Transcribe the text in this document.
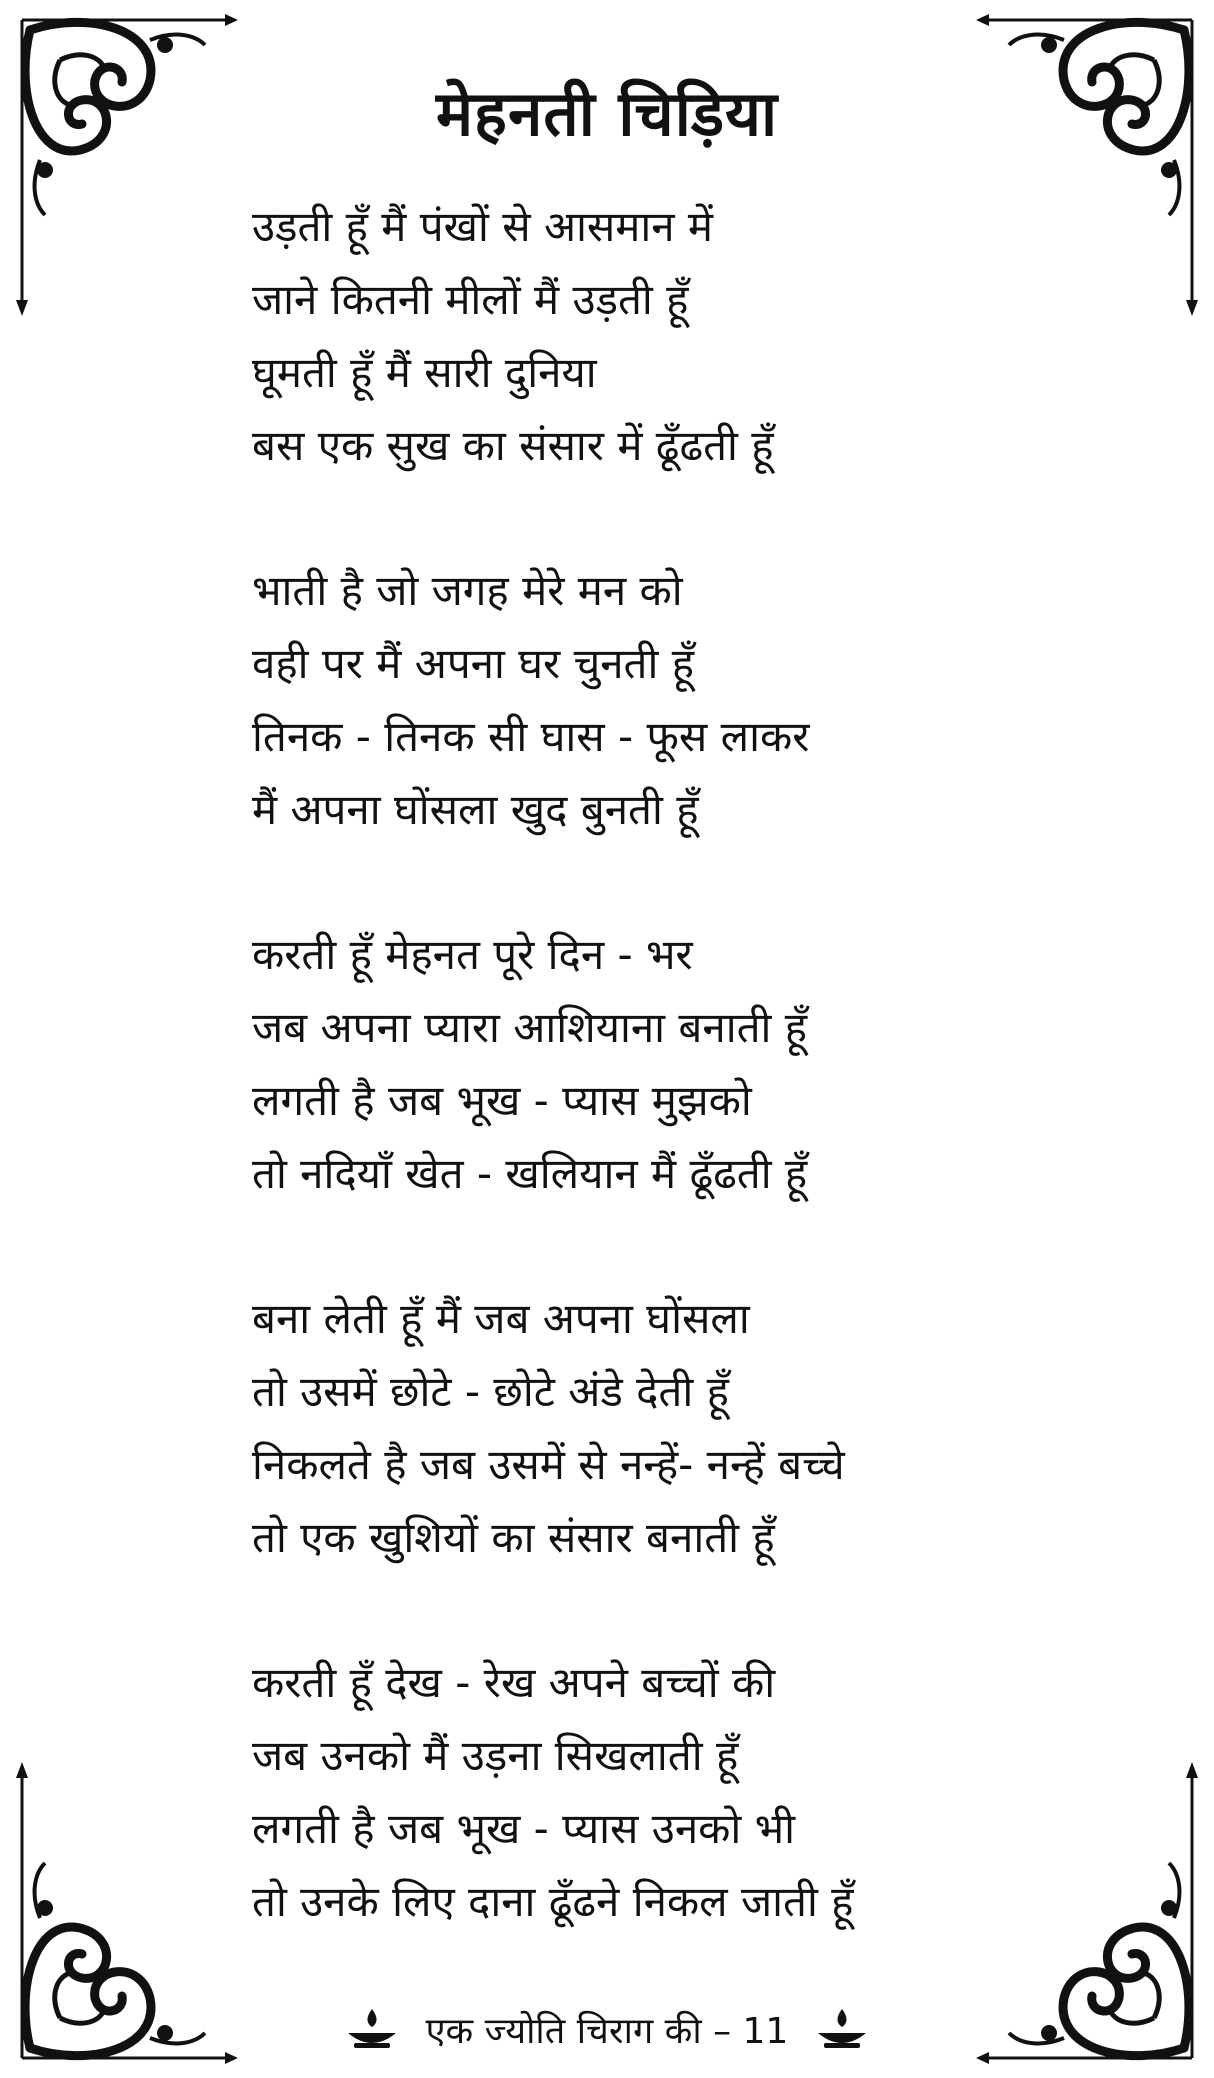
मेहनती चिड़िया
उड़ती हूँ मैं पंखों से आसमान में
जाने कितनी मीलों मैं उड़ती हूँ
घूमती हूँ मैं सारी दुनिया
बस एक सुख का संसार में ढूँढती हूँ
भाती है जो जगह मेरे मन को
वही पर मैं अपना घर चुनती हूँ
तिनक - तिनक सी घास - फूस लाकर
मैं अपना घोंसला खुद बुनती हूँ
करती हूँ मेहनत पूरे दिन - भर
जब अपना प्यारा आशियाना बनाती हूँ
लगती है जब भूख - प्यास मुझको
तो नदियाँ खेत - खलियान मैं ढूँढती हूँ
बना लेती हूँ मैं जब अपना घोंसला
तो उसमें छोटे - छोटे अंडे देती हूँ
निकलते है जब उसमें से नन्हें- नन्हें बच्चे
तो एक खुशियों का संसार बनाती हूँ
करती हूँ देख - रेख अपने बच्चों की
जब उनको मैं उड़ना सिखलाती हूँ
लगती है जब भूख - प्यास उनको भी
तो उनके लिए दाना ढूँढने निकल जाती हूँ
एक ज्योति चिराग की – 11
